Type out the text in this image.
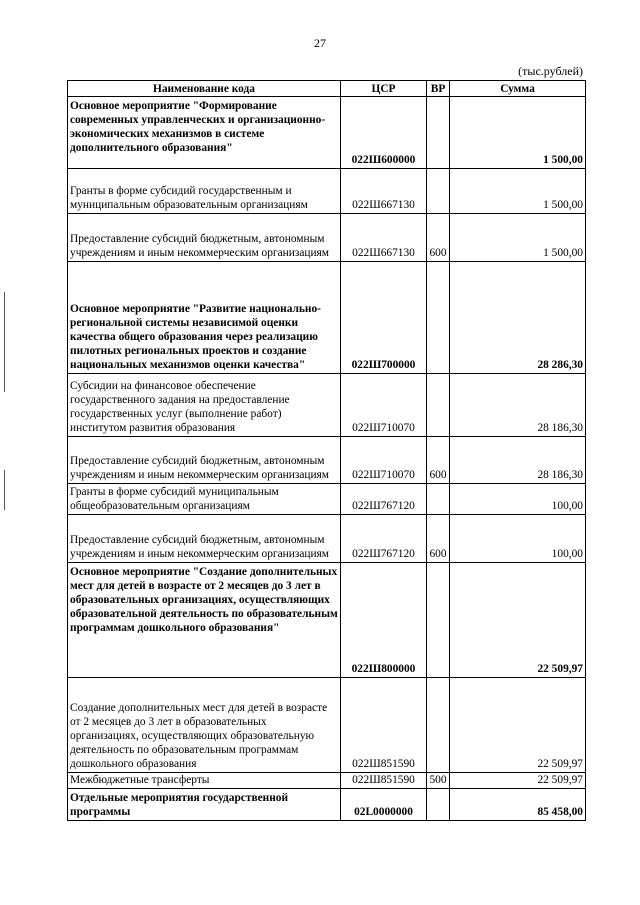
27
(тыс.рублей)
Наименование кода	ЦСР	ВР	Сумма
Основное мероприятие "Формирование современных управленческих и организационно-экономических механизмов в системе дополнительного образования"	022Ш600000		1 500,00
Гранты в форме субсидий государственным и муниципальным образовательным организациям	022Ш667130		1 500,00
Предоставление субсидий бюджетным, автономным учреждениям и иным некоммерческим организациям	022Ш667130	600	1 500,00
Основное мероприятие "Развитие национально-региональной системы независимой оценки качества общего образования через реализацию пилотных региональных проектов и создание национальных механизмов оценки качества"	022Ш700000		28 286,30
Субсидии на финансовое обеспечение государственного задания на предоставление государственных услуг (выполнение работ) институтом развития образования	022Ш710070		28 186,30
Предоставление субсидий бюджетным, автономным учреждениям и иным некоммерческим организациям	022Ш710070	600	28 186,30
Гранты в форме субсидий муниципальным общеобразовательным организациям	022Ш767120		100,00
Предоставление субсидий бюджетным, автономным учреждениям и иным некоммерческим организациям	022Ш767120	600	100,00
Основное мероприятие "Создание дополнительных мест для детей в возрасте от 2 месяцев до 3 лет в образовательных организациях, осуществляющих образовательной деятельность по образовательным программам дошкольного образования"	022Ш800000		22 509,97
Создание дополнительных мест для детей в возрасте от 2 месяцев до 3 лет в образовательных организациях, осуществляющих образовательную деятельность по образовательным программам дошкольного образования	022Ш851590		22 509,97
Межбюджетные трансферты	022Ш851590	500	22 509,97
Отдельные мероприятия государственной программы	02L0000000		85 458,00
